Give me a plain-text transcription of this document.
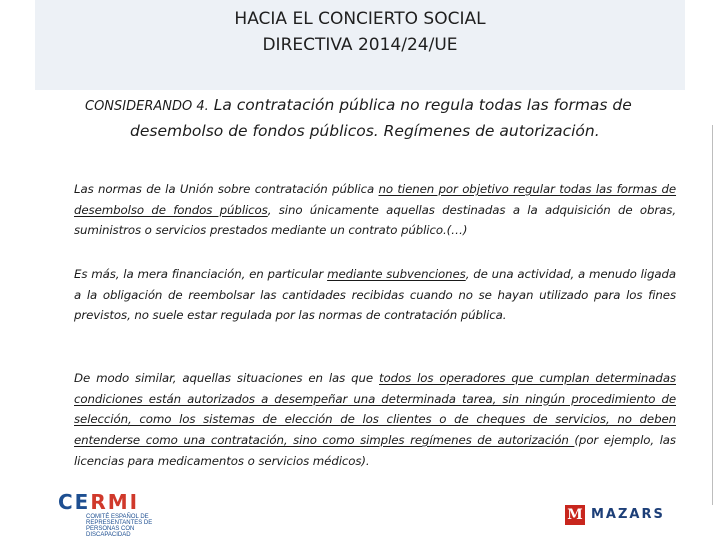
HACIA EL CONCIERTO SOCIAL
DIRECTIVA 2014/24/UE
CONSIDERANDO 4. La contratación pública no regula todas las formas de
desembolso de fondos públicos. Regímenes de autorización.

Las normas de la Unión sobre contratación pública no tienen por objetivo regular todas las formas de desembolso de fondos públicos, sino únicamente aquellas destinadas a la adquisición de obras, suministros o servicios prestados mediante un contrato público.(…)

Es más, la mera financiación, en particular mediante subvenciones, de una actividad, a menudo ligada a la obligación de reembolsar las cantidades recibidas cuando no se hayan utilizado para los fines previstos, no suele estar regulada por las normas de contratación pública.

De modo similar, aquellas situaciones en las que todos los operadores que cumplan determinadas condiciones están autorizados a desempeñar una determinada tarea, sin ningún procedimiento de selección, como los sistemas de elección de los clientes o de cheques de servicios, no deben entenderse como una contratación, sino como simples regímenes de autorización (por ejemplo, las licencias para medicamentos o servicios médicos).

CERMI
COMITÉ ESPAÑOL DE REPRESENTANTES DE PERSONAS CON DISCAPACIDAD
M MAZARS
